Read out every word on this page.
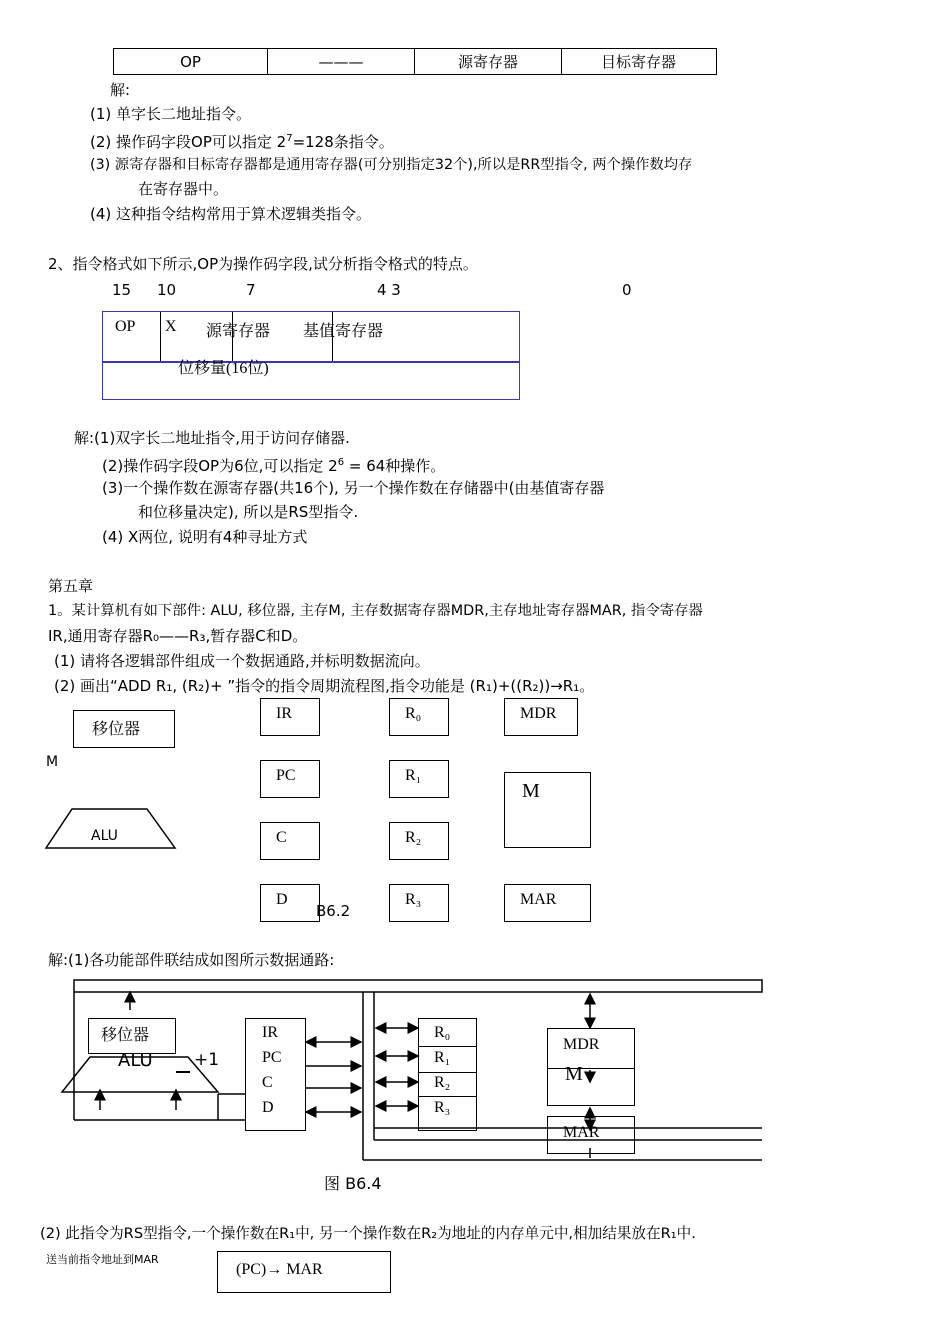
OP	———	源寄存器	目标寄存器
解:
(1) 单字长二地址指令。
(2) 操作码字段OP可以指定 $2^7=128$条指令。
(3) 源寄存器和目标寄存器都是通用寄存器(可分别指定32个),所以是RR型指令, 两个操作数均存
在寄存器中。
(4) 这种指令结构常用于算术逻辑类指令。
2、指令格式如下所示,OP为操作码字段,试分析指令格式的特点。
15 10	7	4 3	0
OP X 源寄存器 基值寄存器
位移量(16位)
解:(1)双字长二地址指令,用于访问存储器.
(2)操作码字段OP为6位,可以指定 $2^6 = 64$种操作。
(3)一个操作数在源寄存器(共16个), 另一个操作数在存储器中(由基值寄存器
和位移量决定), 所以是RS型指令.
(4) X两位, 说明有4种寻址方式
第五章
1。某计算机有如下部件: ALU, 移位器, 主存M, 主存数据寄存器MDR,主存地址寄存器MAR, 指令寄存器
IR,通用寄存器R₀——R₃,暂存器C和D。
(1) 请将各逻辑部件组成一个数据通路,并标明数据流向。
(2) 画出“ADD R₁, (R₂)+ ”指令的指令周期流程图,指令功能是 (R₁)+((R₂))→R₁。
移位器
M
ALU
IR
PC
C
D
B6.2
R₀
R₁
R₂
R₃
MDR
M
MAR
解:(1)各功能部件联结成如图所示数据通路:
移位器
ALU +1
IR
PC
C
D
R₀
R₁
R₂
R₃
MDR
M
MAR
图 B6.4
(2) 此指令为RS型指令,一个操作数在R₁中, 另一个操作数在R₂为地址的内存单元中,相加结果放在R₁中.
送当前指令地址到MAR
(PC)→ MAR
